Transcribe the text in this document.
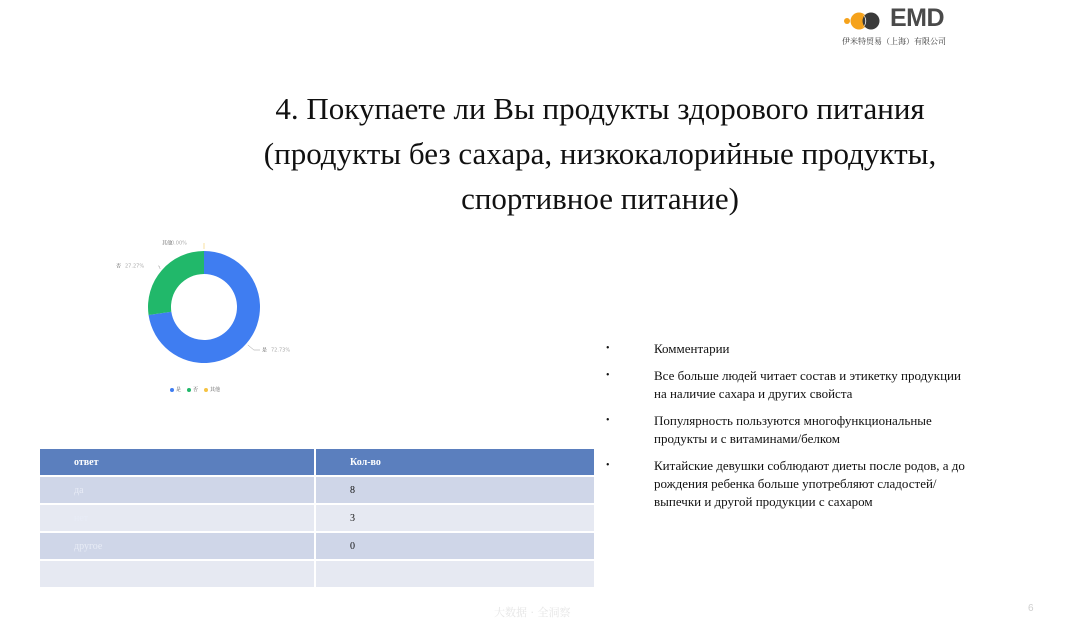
EMD
伊米特贸易（上海）有限公司
4. Покупаете ли Вы продукты здорового питания
(продукты без сахара, низкокалорийные продукты,
спортивное питание)
是 72.73%
否 27.27%
其他
0.00%
是 否 其他
ответ	Кол-во
да	8
нет	3
другое	0
•	Комментарии
•	Все больше людей читает состав и этикетку продукции на наличие сахара и других свойста
•	Популярность пользуются многофункциональные продукты и с витаминами/белком
•	Китайские девушки соблюдают диеты после родов, а до рождения ребенка больше употребляют сладостей/выпечки и другой продукции с сахаром
大数据 · 全洞察	6
